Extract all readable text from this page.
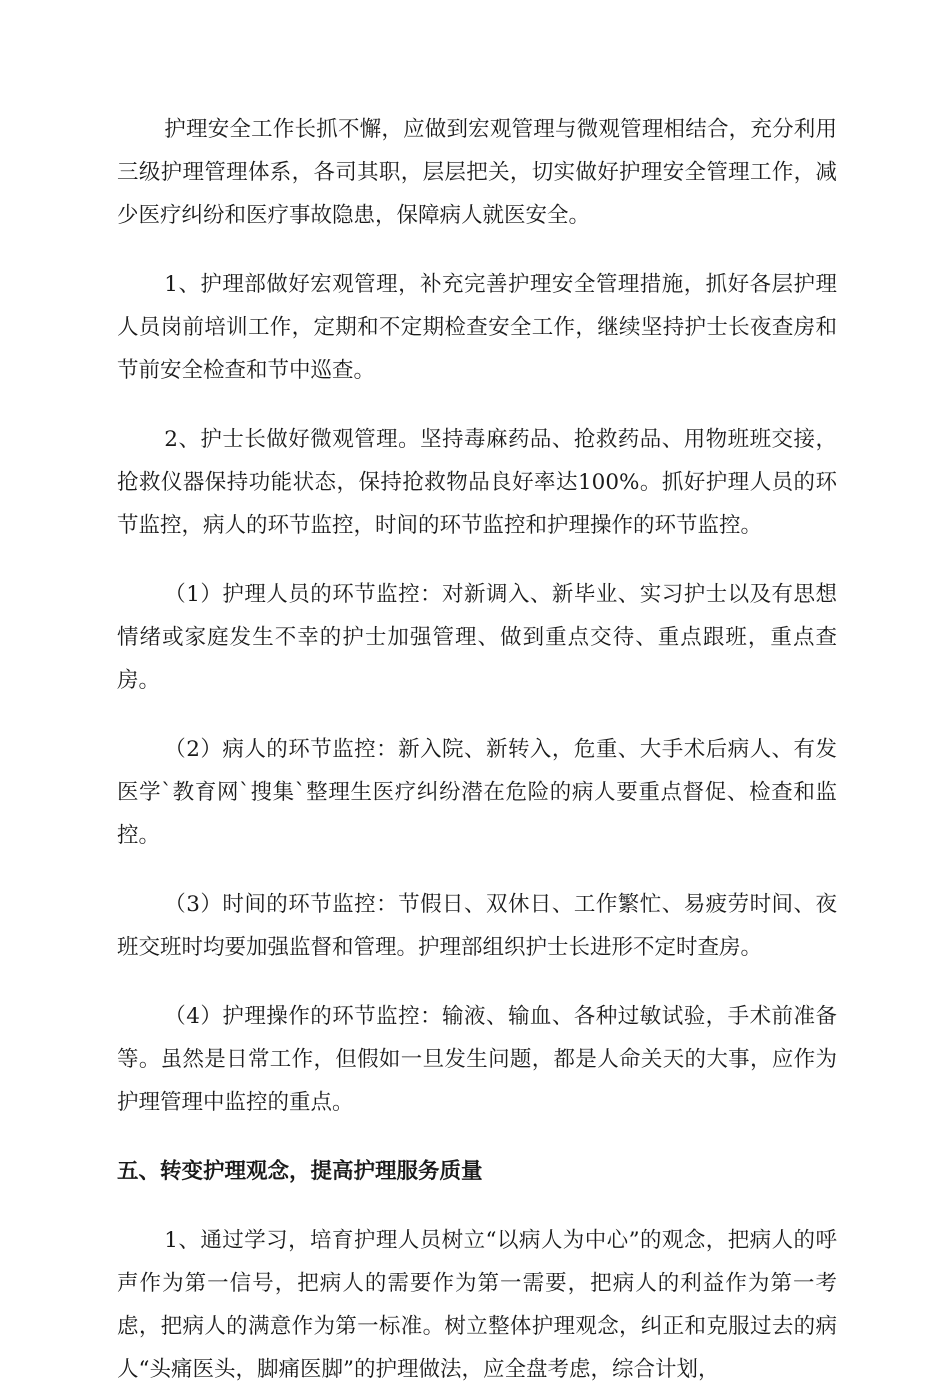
护理安全工作长抓不懈，应做到宏观管理与微观管理相结合，充分利用三级护理管理体系，各司其职，层层把关，切实做好护理安全管理工作，减少医疗纠纷和医疗事故隐患，保障病人就医安全。

1、护理部做好宏观管理，补充完善护理安全管理措施，抓好各层护理人员岗前培训工作，定期和不定期检查安全工作，继续坚持护士长夜查房和节前安全检查和节中巡查。

2、护士长做好微观管理。坚持毒麻药品、抢救药品、用物班班交接，抢救仪器保持功能状态，保持抢救物品良好率达100%。抓好护理人员的环节监控，病人的环节监控，时间的环节监控和护理操作的环节监控。

（1）护理人员的环节监控：对新调入、新毕业、实习护士以及有思想情绪或家庭发生不幸的护士加强管理、做到重点交待、重点跟班，重点查房。

（2）病人的环节监控：新入院、新转入，危重、大手术后病人、有发医学`教育网`搜集`整理生医疗纠纷潜在危险的病人要重点督促、检查和监控。

（3）时间的环节监控：节假日、双休日、工作繁忙、易疲劳时间、夜班交班时均要加强监督和管理。护理部组织护士长进形不定时查房。

（4）护理操作的环节监控：输液、输血、各种过敏试验，手术前准备等。虽然是日常工作，但假如一旦发生问题，都是人命关天的大事，应作为护理管理中监控的重点。

五、转变护理观念，提高护理服务质量

1、通过学习，培育护理人员树立“以病人为中心”的观念，把病人的呼声作为第一信号，把病人的需要作为第一需要，把病人的利益作为第一考虑，把病人的满意作为第一标准。树立整体护理观念，纠正和克服过去的病人“头痛医头，脚痛医脚”的护理做法，应全盘考虑，综合计划，
